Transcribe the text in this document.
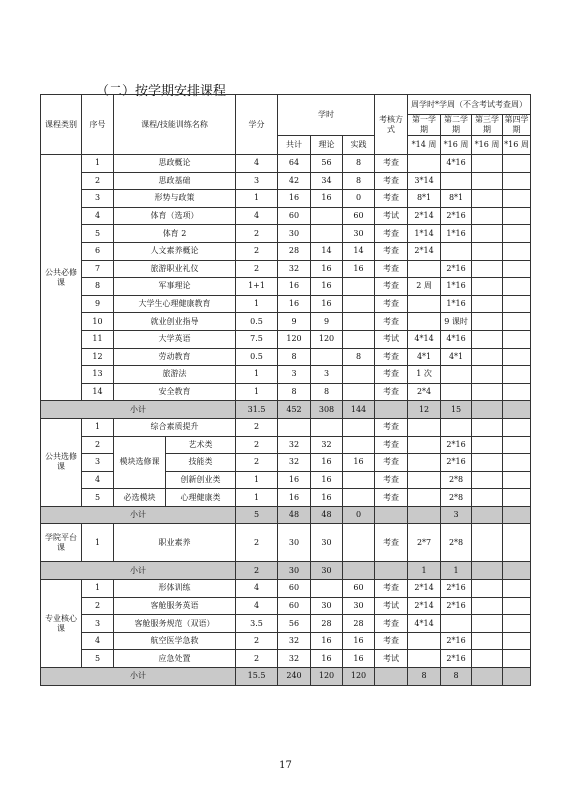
（二）按学期安排课程
课程类别	序号	课程/技能训练名称		学分	学时			考核方式	周学时*学周（不含考试考查周）			
									第一学期	第二学期	第三学期	第四学期
					共计	理论	实践		*14 周	*16 周	*16 周	*16 周
公共必修课	1	思政概论		4	64	56	8	考查		4*16		
	2	思政基础		3	42	34	8	考查	3*14			
	3	形势与政策		1	16	16	0	考查	8*1	8*1		
	4	体育（选项）		4	60		60	考试	2*14	2*16		
	5	体育 2		2	30		30	考查	1*14	1*16		
	6	人文素养概论		2	28	14	14	考查	2*14			
	7	旅游职业礼仪		2	32	16	16	考查		2*16		
	8	军事理论		1+1	16	16		考查	2 周	1*16		
	9	大学生心理健康教育		1	16	16		考查		1*16		
	10	就业创业指导		0.5	9	9		考查		9 课时		
	11	大学英语		7.5	120	120		考试	4*14	4*16		
	12	劳动教育		0.5	8		8	考查	4*1	4*1		
	13	旅游法		1	3	3		考查	1 次			
	14	安全教育		1	8	8		考查	2*4			
小计				31.5	452	308	144		12	15		
公共选修课	1	综合素质提升		2				考查				
	2	模块选修课	艺术类	2	32	32		考查		2*16		
	3		技能类	2	32	16	16	考查		2*16		
	4		创新创业类	1	16	16		考查		2*8		
	5	必选模块	心理健康类	1	16	16		考查		2*8		
小计				5	48	48	0			3		
学院平台课	1	职业素养		2	30	30		考查	2*7	2*8		
小计				2	30	30			1	1		
专业核心课	1	形体训练		4	60		60	考查	2*14	2*16		
	2	客舱服务英语		4	60	30	30	考试	2*14	2*16		
	3	客舱服务规范（双语）		3.5	56	28	28	考查	4*14			
	4	航空医学急救		2	32	16	16	考查		2*16		
	5	应急处置		2	32	16	16	考试		2*16		
小计				15.5	240	120	120		8	8		
17
